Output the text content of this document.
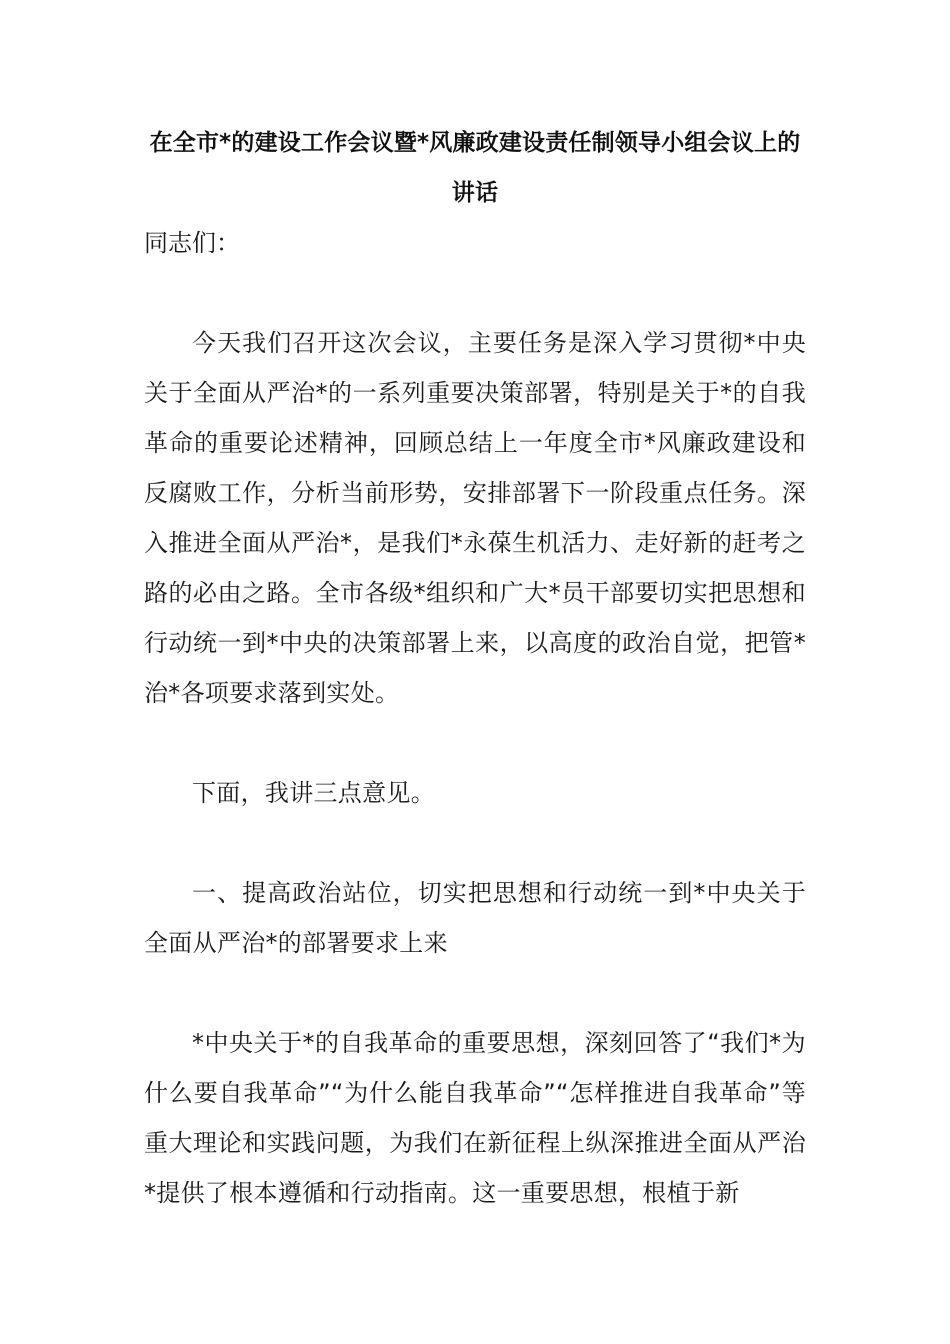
在全市*的建设工作会议暨*风廉政建设责任制领导小组会议上的讲话

同志们：

今天我们召开这次会议，主要任务是深入学习贯彻*中央关于全面从严治*的一系列重要决策部署，特别是关于*的自我革命的重要论述精神，回顾总结上一年度全市*风廉政建设和反腐败工作，分析当前形势，安排部署下一阶段重点任务。深入推进全面从严治*，是我们*永葆生机活力、走好新的赶考之路的必由之路。全市各级*组织和广大*员干部要切实把思想和行动统一到*中央的决策部署上来，以高度的政治自觉，把管*治*各项要求落到实处。

下面，我讲三点意见。

一、提高政治站位，切实把思想和行动统一到*中央关于全面从严治*的部署要求上来

*中央关于*的自我革命的重要思想，深刻回答了“我们*为什么要自我革命”“为什么能自我革命”“怎样推进自我革命”等重大理论和实践问题，为我们在新征程上纵深推进全面从严治*提供了根本遵循和行动指南。这一重要思想，根植于新
